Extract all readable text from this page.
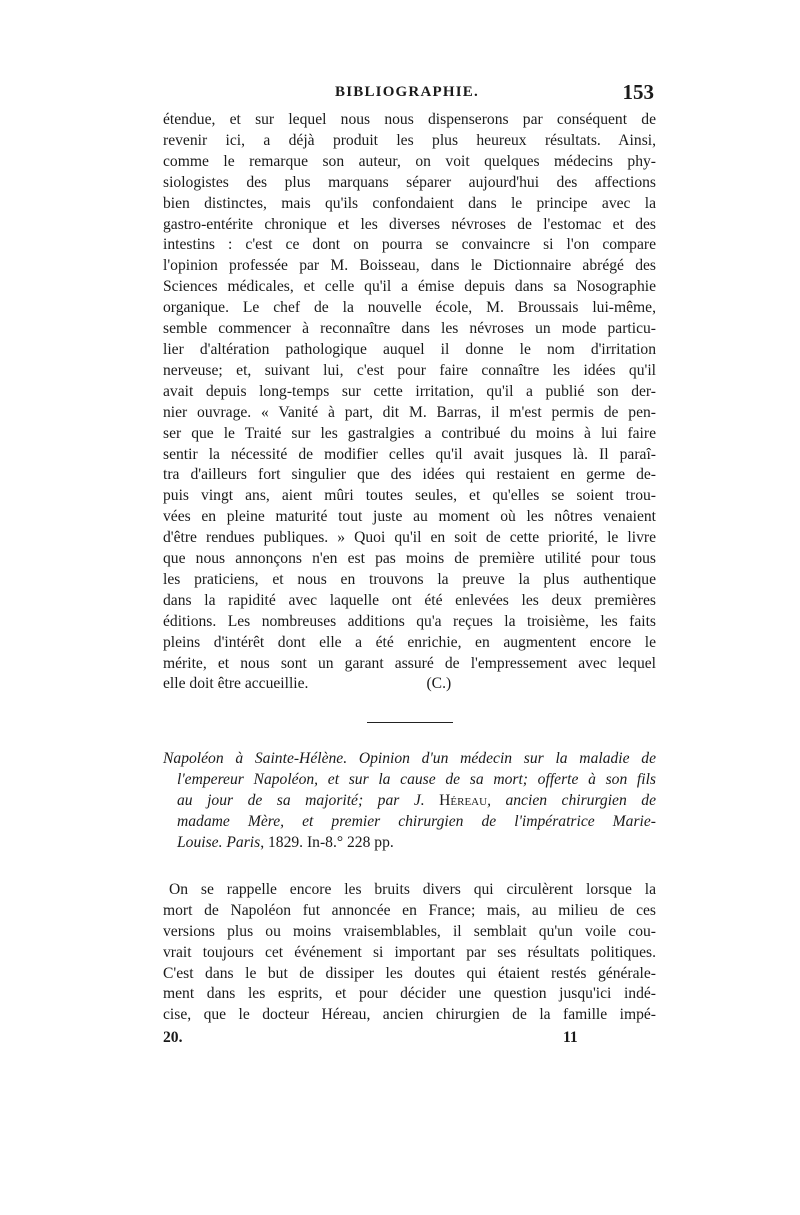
BIBLIOGRAPHIE.	153
étendue, et sur lequel nous nous dispenserons par conséquent de
revenir ici, a déjà produit les plus heureux résultats. Ainsi,
comme le remarque son auteur, on voit quelques médecins phy-
siologistes des plus marquans séparer aujourd'hui des affections
bien distinctes, mais qu'ils confondaient dans le principe avec la
gastro-entérite chronique et les diverses névroses de l'estomac et des
intestins : c'est ce dont on pourra se convaincre si l'on compare
l'opinion professée par M. Boisseau, dans le Dictionnaire abrégé des
Sciences médicales, et celle qu'il a émise depuis dans sa Nosographie
organique. Le chef de la nouvelle école, M. Broussais lui-même,
semble commencer à reconnaître dans les névroses un mode particu-
lier d'altération pathologique auquel il donne le nom d'irritation
nerveuse; et, suivant lui, c'est pour faire connaître les idées qu'il
avait depuis long-temps sur cette irritation, qu'il a publié son der-
nier ouvrage. « Vanité à part, dit M. Barras, il m'est permis de pen-
ser que le Traité sur les gastralgies a contribué du moins à lui faire
sentir la nécessité de modifier celles qu'il avait jusques là. Il paraî-
tra d'ailleurs fort singulier que des idées qui restaient en germe de-
puis vingt ans, aient mûri toutes seules, et qu'elles se soient trou-
vées en pleine maturité tout juste au moment où les nôtres venaient
d'être rendues publiques. » Quoi qu'il en soit de cette priorité, le livre
que nous annonçons n'en est pas moins de première utilité pour tous
les praticiens, et nous en trouvons la preuve la plus authentique
dans la rapidité avec laquelle ont été enlevées les deux premières
éditions. Les nombreuses additions qu'a reçues la troisième, les faits
pleins d'intérêt dont elle a été enrichie, en augmentent encore le
mérite, et nous sont un garant assuré de l'empressement avec lequel
elle doit être accueillie.	(C.)
Napoléon à Sainte-Hélène. Opinion d'un médecin sur la maladie de
l'empereur Napoléon, et sur la cause de sa mort; offerte à son fils
au jour de sa majorité; par J. Héreau, ancien chirurgien de
madame Mère, et premier chirurgien de l'impératrice Marie-
Louise. Paris, 1829. In-8.° 228 pp.
On se rappelle encore les bruits divers qui circulèrent lorsque la
mort de Napoléon fut annoncée en France; mais, au milieu de ces
versions plus ou moins vraisemblables, il semblait qu'un voile cou-
vrait toujours cet événement si important par ses résultats politiques.
C'est dans le but de dissiper les doutes qui étaient restés générale-
ment dans les esprits, et pour décider une question jusqu'ici indé-
cise, que le docteur Héreau, ancien chirurgien de la famille impé-
20.	11
